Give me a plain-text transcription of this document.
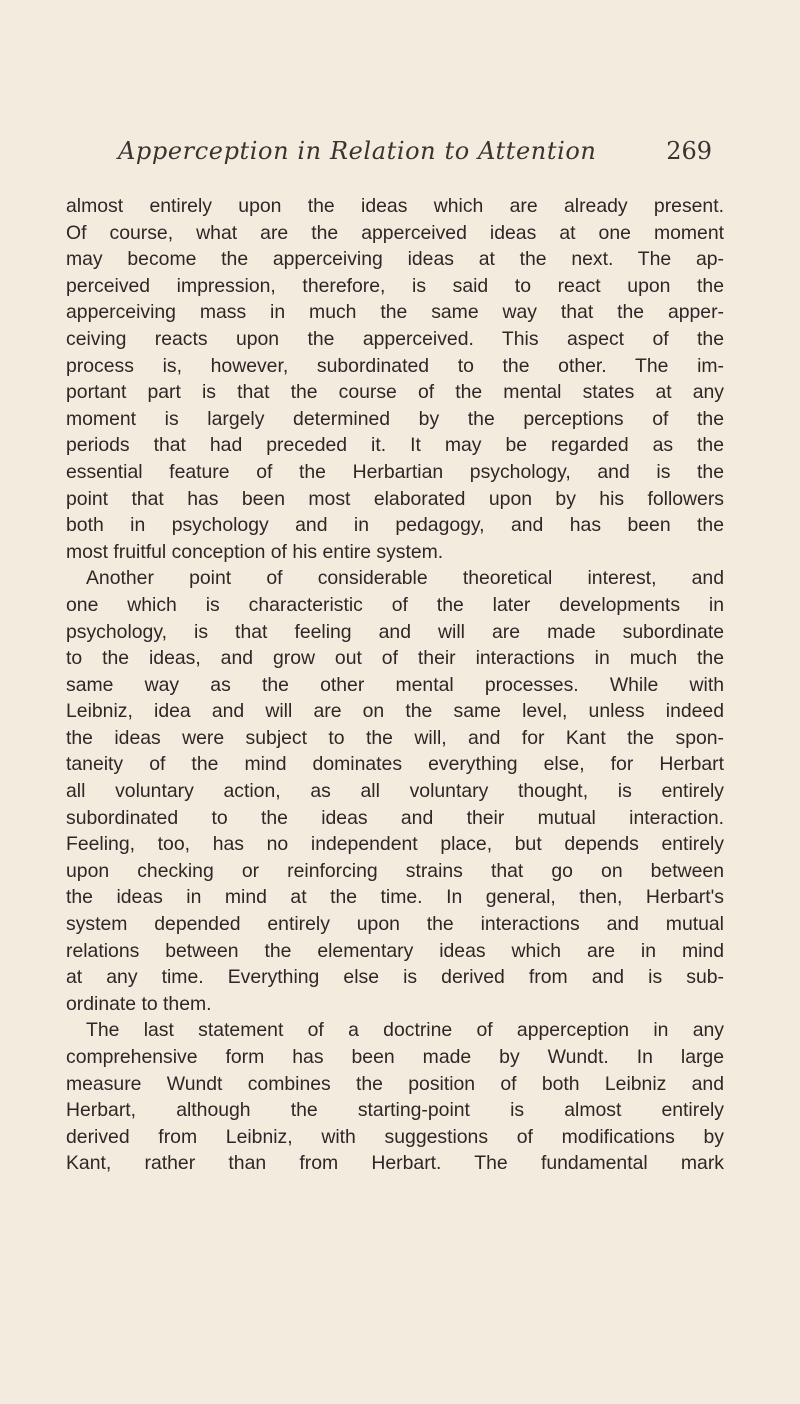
Apperception in Relation to Attention	269
almost entirely upon the ideas which are already present.
Of course, what are the apperceived ideas at one moment
may become the apperceiving ideas at the next. The ap-
perceived impression, therefore, is said to react upon the
apperceiving mass in much the same way that the apper-
ceiving reacts upon the apperceived. This aspect of the
process is, however, subordinated to the other. The im-
portant part is that the course of the mental states at any
moment is largely determined by the perceptions of the
periods that had preceded it. It may be regarded as the
essential feature of the Herbartian psychology, and is the
point that has been most elaborated upon by his followers
both in psychology and in pedagogy, and has been the
most fruitful conception of his entire system.
Another point of considerable theoretical interest, and
one which is characteristic of the later developments in
psychology, is that feeling and will are made subordinate
to the ideas, and grow out of their interactions in much the
same way as the other mental processes. While with
Leibniz, idea and will are on the same level, unless indeed
the ideas were subject to the will, and for Kant the spon-
taneity of the mind dominates everything else, for Herbart
all voluntary action, as all voluntary thought, is entirely
subordinated to the ideas and their mutual interaction.
Feeling, too, has no independent place, but depends entirely
upon checking or reinforcing strains that go on between
the ideas in mind at the time. In general, then, Herbart's
system depended entirely upon the interactions and mutual
relations between the elementary ideas which are in mind
at any time. Everything else is derived from and is sub-
ordinate to them.
The last statement of a doctrine of apperception in any
comprehensive form has been made by Wundt. In large
measure Wundt combines the position of both Leibniz and
Herbart, although the starting-point is almost entirely
derived from Leibniz, with suggestions of modifications by
Kant, rather than from Herbart. The fundamental mark
